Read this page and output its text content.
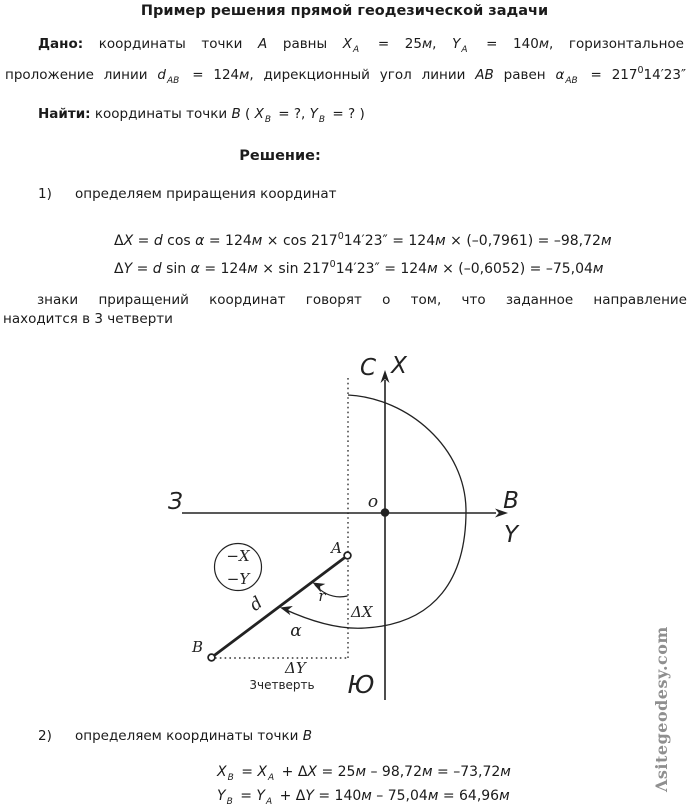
Пример решения прямой геодезической задачи
Дано: координаты точки А равны $X_А = 25м$, $Y_А = 140м$, горизонтальное
проложение линии $d_{АВ} = 124м$, дирекционный угол линии АВ равен $\alpha_{АВ} = 217^014'23''$
Найти: координаты точки В ( $X_В$ = ?, $Y_В$ = ? )
Решение:
1) определяем приращения координат
ΔX = d $\cos \alpha = 124м \times \cos 217^014'23'' = 124м \times (-0,7961) = -98,72м$
ΔY = d $\sin \alpha = 124м \times \sin 217^014'23'' = 124м \times (-0,6052) = -75,04м$
знаки приращений координат говорят о том, что заданное направление
находится в 3 четверти
−X
−Y
С X
З	o	В
Y
Ю
A
B
d	r
α
ΔX
ΔY
3четверть
2) определяем координаты точки В
$X_В = X_А + \Delta X = 25м - 98,72м = -73,72м$
$Y_В = Y_А + \Delta Y = 140м - 75,04м = 64,96м$
Λsitegeodesy.com
